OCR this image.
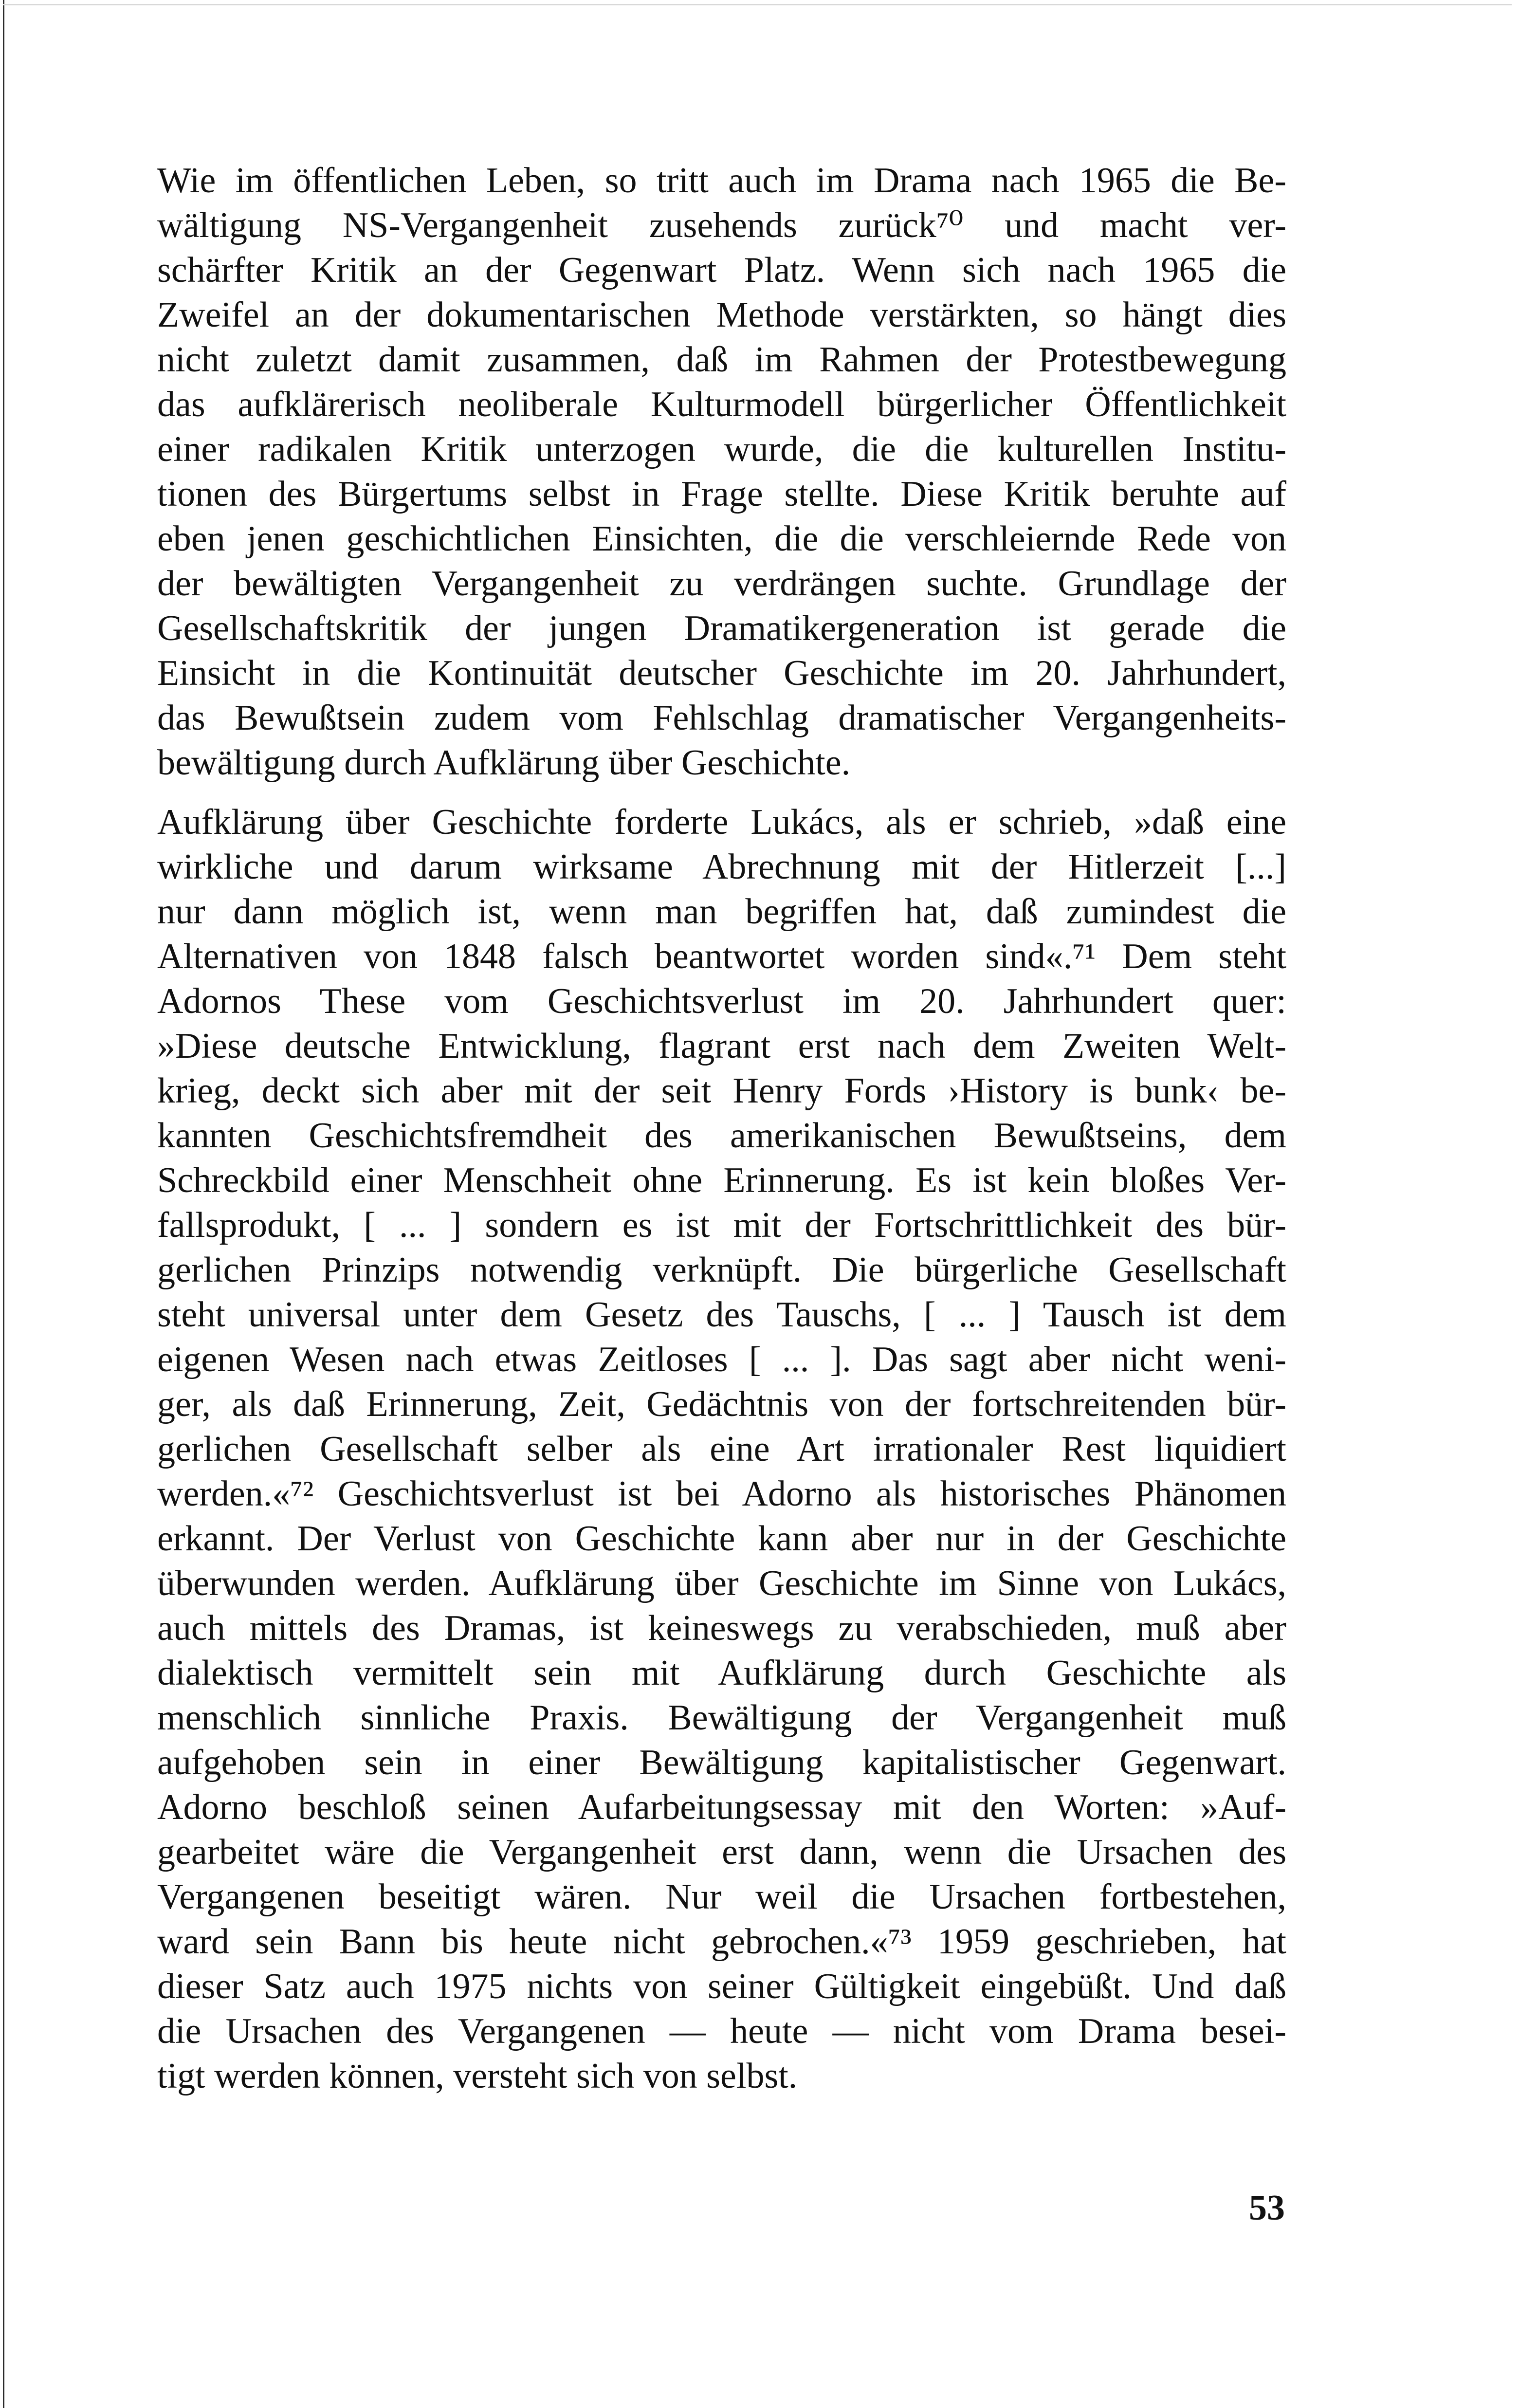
Wie im öffentlichen Leben, so tritt auch im Drama nach 1965 die Be-
wältigung NS-Vergangenheit zusehends zurück⁷⁰ und macht ver-
schärfter Kritik an der Gegenwart Platz. Wenn sich nach 1965 die
Zweifel an der dokumentarischen Methode verstärkten, so hängt dies
nicht zuletzt damit zusammen, daß im Rahmen der Protestbewegung
das aufklärerisch neoliberale Kulturmodell bürgerlicher Öffentlichkeit
einer radikalen Kritik unterzogen wurde, die die kulturellen Institu-
tionen des Bürgertums selbst in Frage stellte. Diese Kritik beruhte auf
eben jenen geschichtlichen Einsichten, die die verschleiernde Rede von
der bewältigten Vergangenheit zu verdrängen suchte. Grundlage der
Gesellschaftskritik der jungen Dramatikergeneration ist gerade die
Einsicht in die Kontinuität deutscher Geschichte im 20. Jahrhundert,
das Bewußtsein zudem vom Fehlschlag dramatischer Vergangenheits-
bewältigung durch Aufklärung über Geschichte.
Aufklärung über Geschichte forderte Lukács, als er schrieb, »daß eine
wirkliche und darum wirksame Abrechnung mit der Hitlerzeit [...]
nur dann möglich ist, wenn man begriffen hat, daß zumindest die
Alternativen von 1848 falsch beantwortet worden sind«.⁷¹ Dem steht
Adornos These vom Geschichtsverlust im 20. Jahrhundert quer:
»Diese deutsche Entwicklung, flagrant erst nach dem Zweiten Welt-
krieg, deckt sich aber mit der seit Henry Fords ›History is bunk‹ be-
kannten Geschichtsfremdheit des amerikanischen Bewußtseins, dem
Schreckbild einer Menschheit ohne Erinnerung. Es ist kein bloßes Ver-
fallsprodukt, [ ... ] sondern es ist mit der Fortschrittlichkeit des bür-
gerlichen Prinzips notwendig verknüpft. Die bürgerliche Gesellschaft
steht universal unter dem Gesetz des Tauschs, [ ... ] Tausch ist dem
eigenen Wesen nach etwas Zeitloses [ ... ]. Das sagt aber nicht weni-
ger, als daß Erinnerung, Zeit, Gedächtnis von der fortschreitenden bür-
gerlichen Gesellschaft selber als eine Art irrationaler Rest liquidiert
werden.«⁷² Geschichtsverlust ist bei Adorno als historisches Phänomen
erkannt. Der Verlust von Geschichte kann aber nur in der Geschichte
überwunden werden. Aufklärung über Geschichte im Sinne von Lukács,
auch mittels des Dramas, ist keineswegs zu verabschieden, muß aber
dialektisch vermittelt sein mit Aufklärung durch Geschichte als
menschlich sinnliche Praxis. Bewältigung der Vergangenheit muß
aufgehoben sein in einer Bewältigung kapitalistischer Gegenwart.
Adorno beschloß seinen Aufarbeitungsessay mit den Worten: »Auf-
gearbeitet wäre die Vergangenheit erst dann, wenn die Ursachen des
Vergangenen beseitigt wären. Nur weil die Ursachen fortbestehen,
ward sein Bann bis heute nicht gebrochen.«⁷³ 1959 geschrieben, hat
dieser Satz auch 1975 nichts von seiner Gültigkeit eingebüßt. Und daß
die Ursachen des Vergangenen — heute — nicht vom Drama besei-
tigt werden können, versteht sich von selbst.
53
